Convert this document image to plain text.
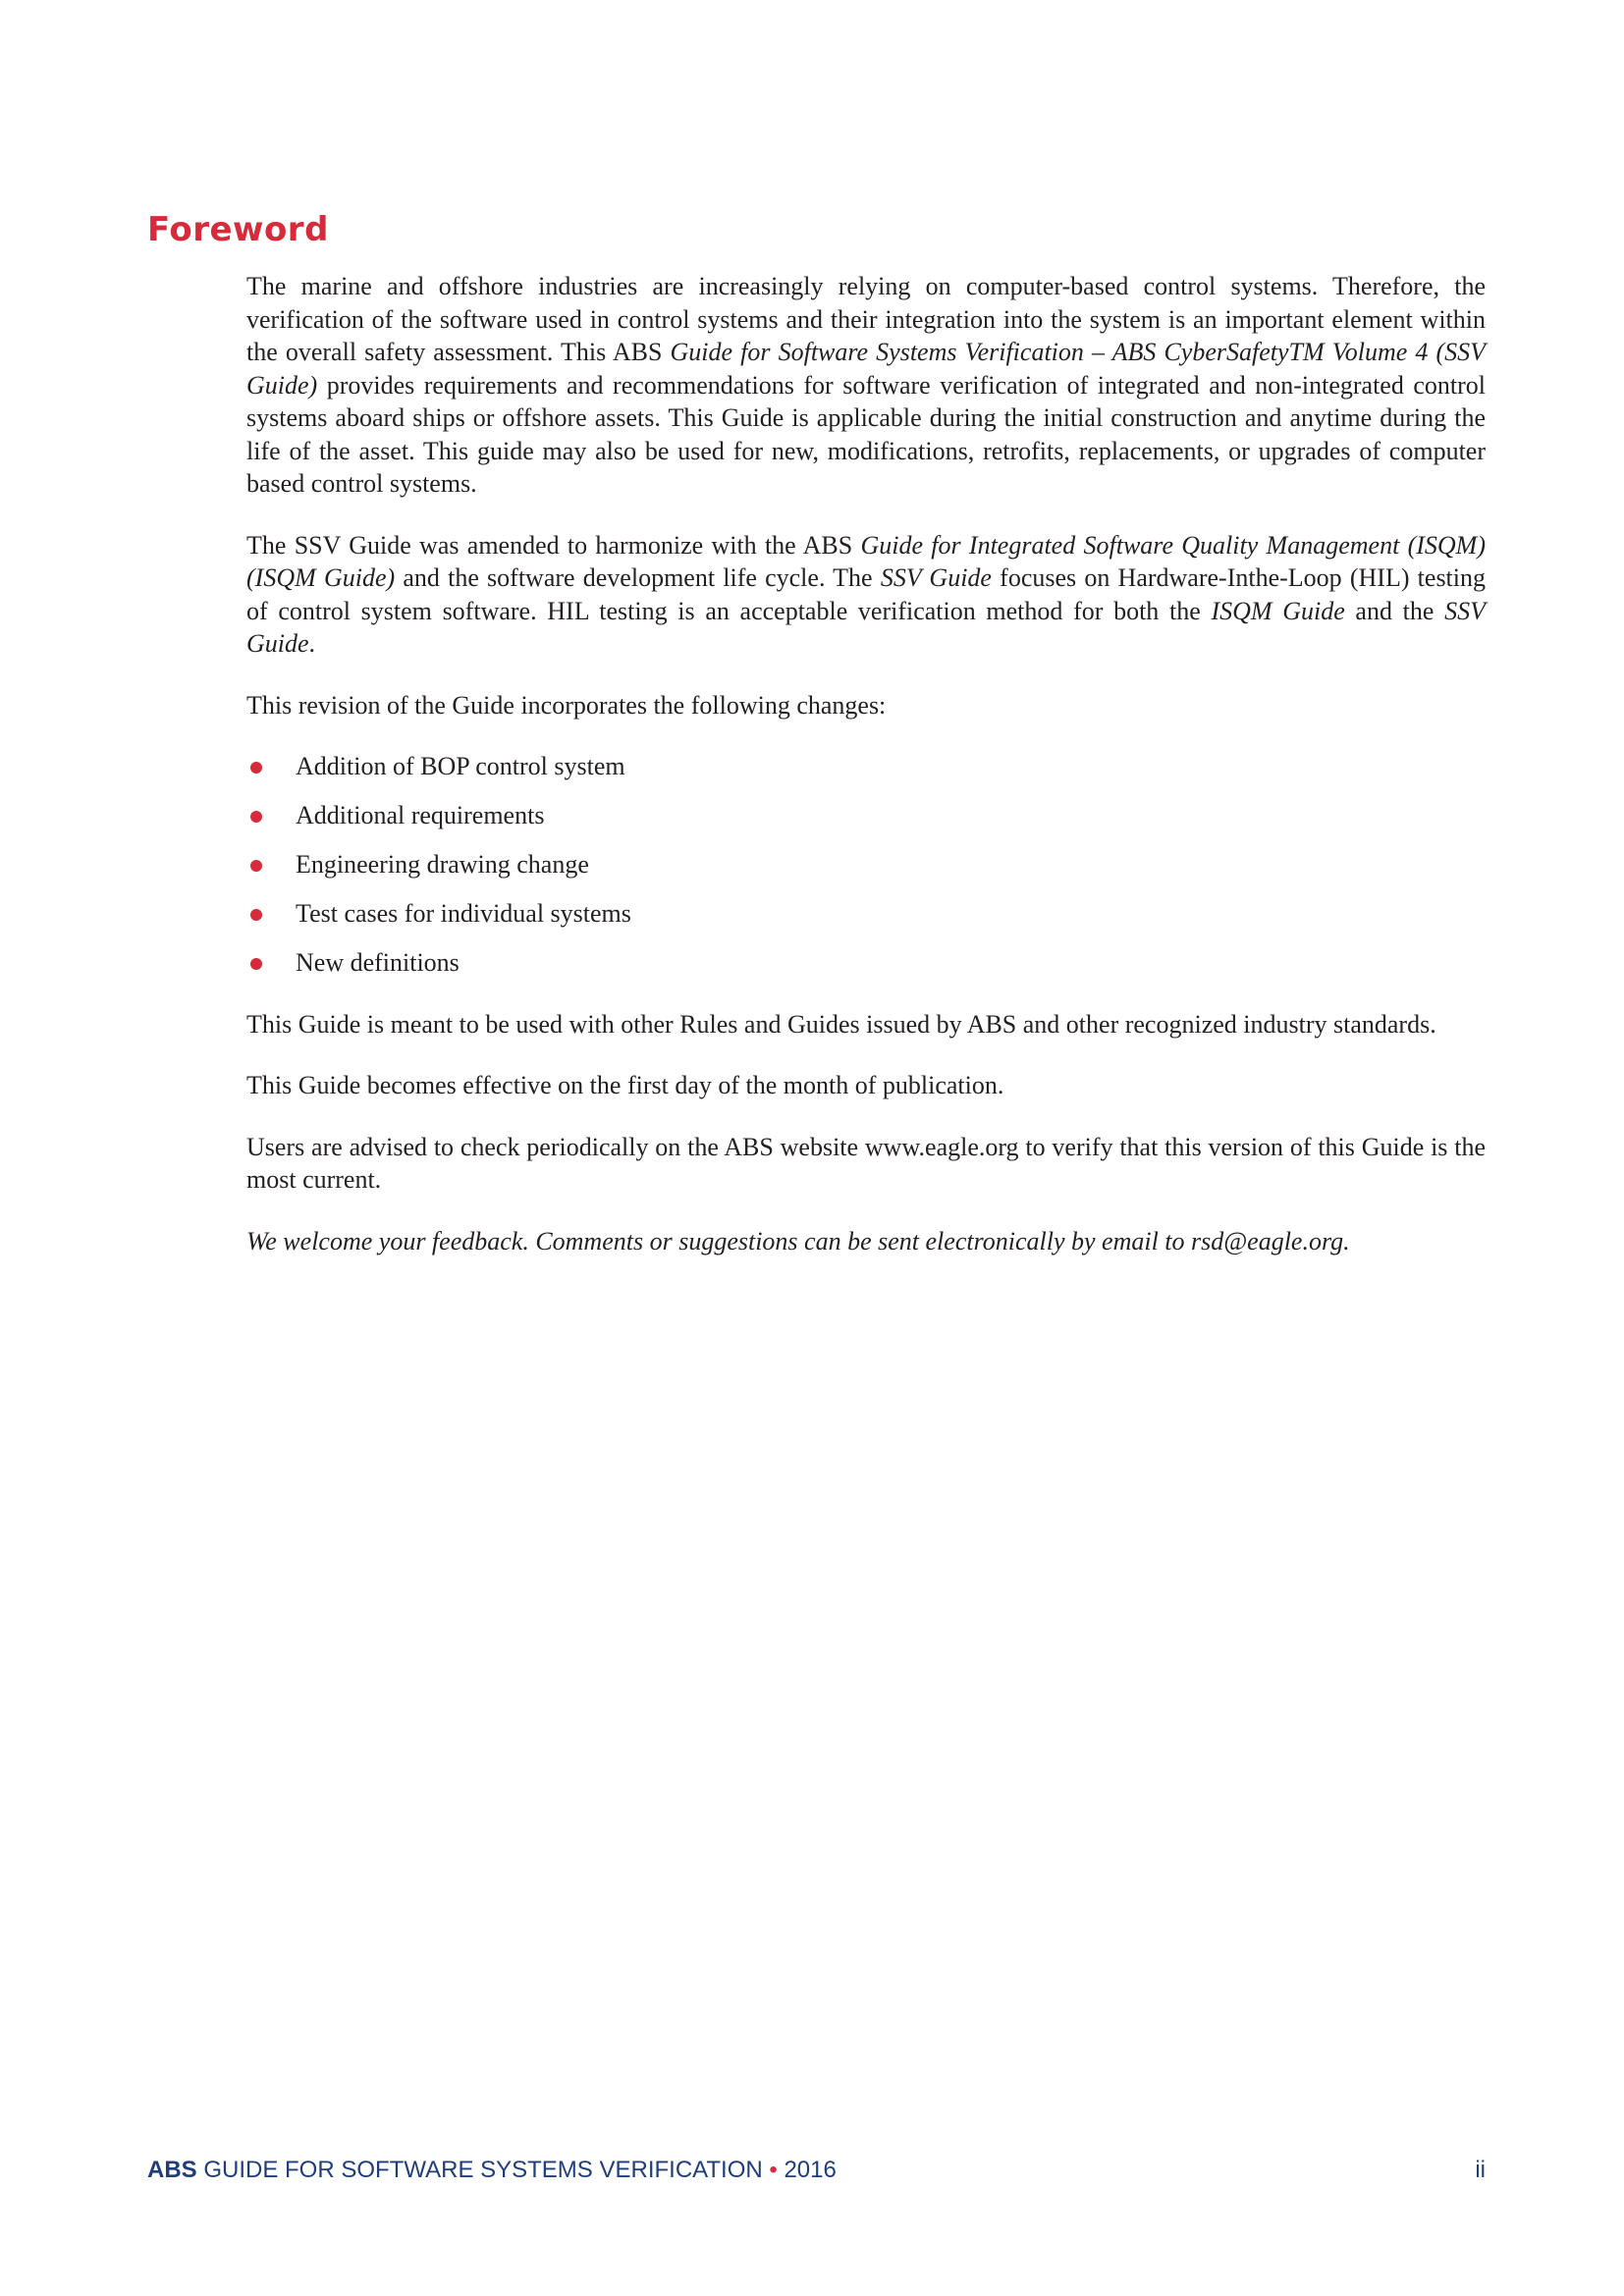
Foreword

The marine and offshore industries are increasingly relying on computer-based control systems. Therefore, the verification of the software used in control systems and their integration into the system is an important element within the overall safety assessment. This ABS Guide for Software Systems Verification – ABS CyberSafetyTM Volume 4 (SSV Guide) provides requirements and recommendations for software verification of integrated and non-integrated control systems aboard ships or offshore assets. This Guide is applicable during the initial construction and anytime during the life of the asset. This guide may also be used for new, modifications, retrofits, replacements, or upgrades of computer based control systems.

The SSV Guide was amended to harmonize with the ABS Guide for Integrated Software Quality Management (ISQM) (ISQM Guide) and the software development life cycle. The SSV Guide focuses on Hardware-Inthe-Loop (HIL) testing of control system software. HIL testing is an acceptable verification method for both the ISQM Guide and the SSV Guide.

This revision of the Guide incorporates the following changes:

Addition of BOP control system
Additional requirements
Engineering drawing change
Test cases for individual systems
New definitions

This Guide is meant to be used with other Rules and Guides issued by ABS and other recognized industry standards.

This Guide becomes effective on the first day of the month of publication.

Users are advised to check periodically on the ABS website www.eagle.org to verify that this version of this Guide is the most current.

We welcome your feedback. Comments or suggestions can be sent electronically by email to rsd@eagle.org.

ABS GUIDE FOR SOFTWARE SYSTEMS VERIFICATION • 2016	ii
